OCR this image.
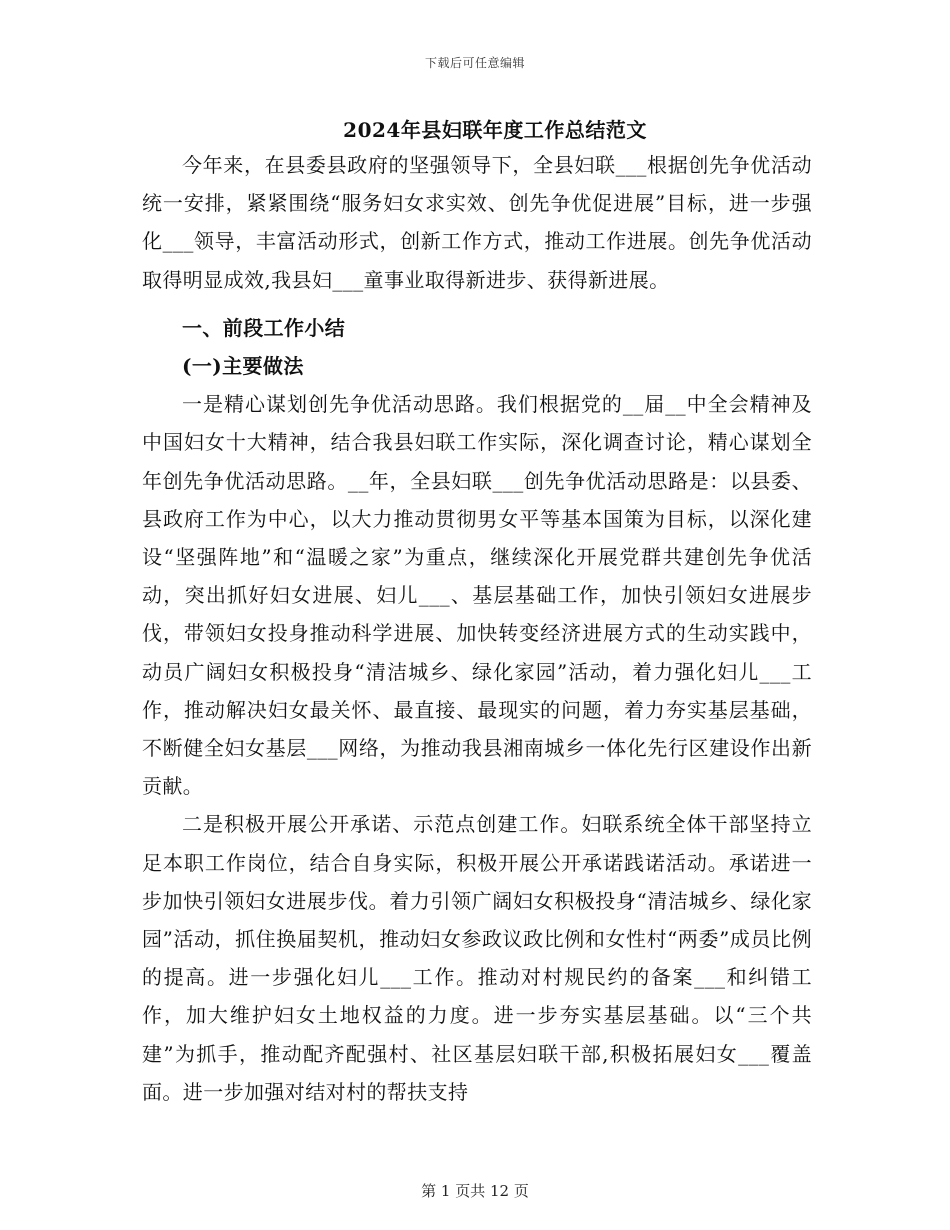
下载后可任意编辑
2024年县妇联年度工作总结范文

今年来，在县委县政府的坚强领导下，全县妇联___根据创先争优活动统一安排，紧紧围绕“服务妇女求实效、创先争优促进展”目标，进一步强化___领导，丰富活动形式，创新工作方式，推动工作进展。创先争优活动取得明显成效,我县妇___童事业取得新进步、获得新进展。

一、前段工作小结

(一)主要做法

一是精心谋划创先争优活动思路。我们根据党的__届__中全会精神及中国妇女十大精神，结合我县妇联工作实际，深化调查讨论，精心谋划全年创先争优活动思路。__年，全县妇联___创先争优活动思路是：以县委、县政府工作为中心，以大力推动贯彻男女平等基本国策为目标，以深化建设“坚强阵地”和“温暖之家”为重点，继续深化开展党群共建创先争优活动，突出抓好妇女进展、妇儿___、基层基础工作，加快引领妇女进展步伐，带领妇女投身推动科学进展、加快转变经济进展方式的生动实践中，动员广阔妇女积极投身“清洁城乡、绿化家园”活动，着力强化妇儿___工作，推动解决妇女最关怀、最直接、最现实的问题，着力夯实基层基础，不断健全妇女基层___网络，为推动我县湘南城乡一体化先行区建设作出新贡献。

二是积极开展公开承诺、示范点创建工作。妇联系统全体干部坚持立足本职工作岗位，结合自身实际，积极开展公开承诺践诺活动。承诺进一步加快引领妇女进展步伐。着力引领广阔妇女积极投身“清洁城乡、绿化家园”活动，抓住换届契机，推动妇女参政议政比例和女性村“两委”成员比例的提高。进一步强化妇儿___工作。推动对村规民约的备案___和纠错工作，加大维护妇女土地权益的力度。进一步夯实基层基础。以“三个共建”为抓手，推动配齐配强村、社区基层妇联干部,积极拓展妇女___覆盖面。进一步加强对结对村的帮扶支持

第 1 页共 12 页
